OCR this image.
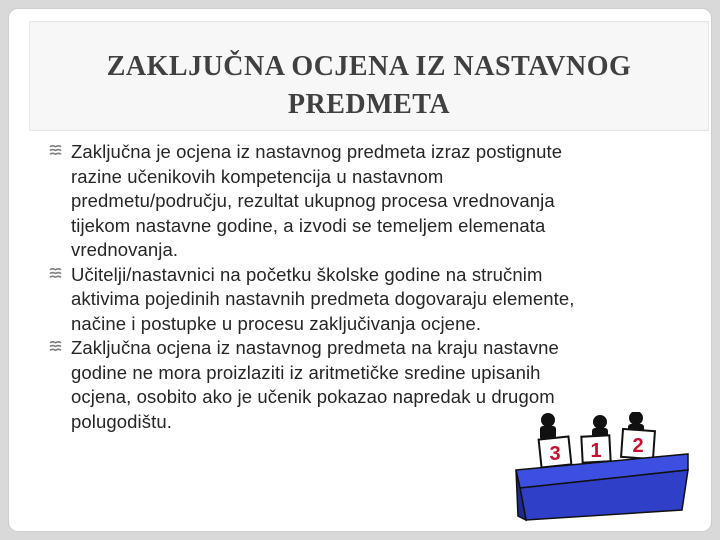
ZAKLJUČNA OCJENA IZ NASTAVNOG
PREDMETA
Zaključna je ocjena iz nastavnog predmeta izraz postignute
razine učenikovih kompetencija u nastavnom
predmetu/području, rezultat ukupnog procesa vrednovanja
tijekom nastavne godine, a izvodi se temeljem elemenata
vrednovanja.
Učitelji/nastavnici na početku školske godine na stručnim
aktivima pojedinih nastavnih predmeta dogovaraju elemente,
načine i postupke u procesu zaključivanja ocjene.
Zaključna ocjena iz nastavnog predmeta na kraju nastavne
godine ne mora proizlaziti iz aritmetičke sredine upisanih
ocjena, osobito ako je učenik pokazao napredak u drugom
polugodištu.
3 1 2
